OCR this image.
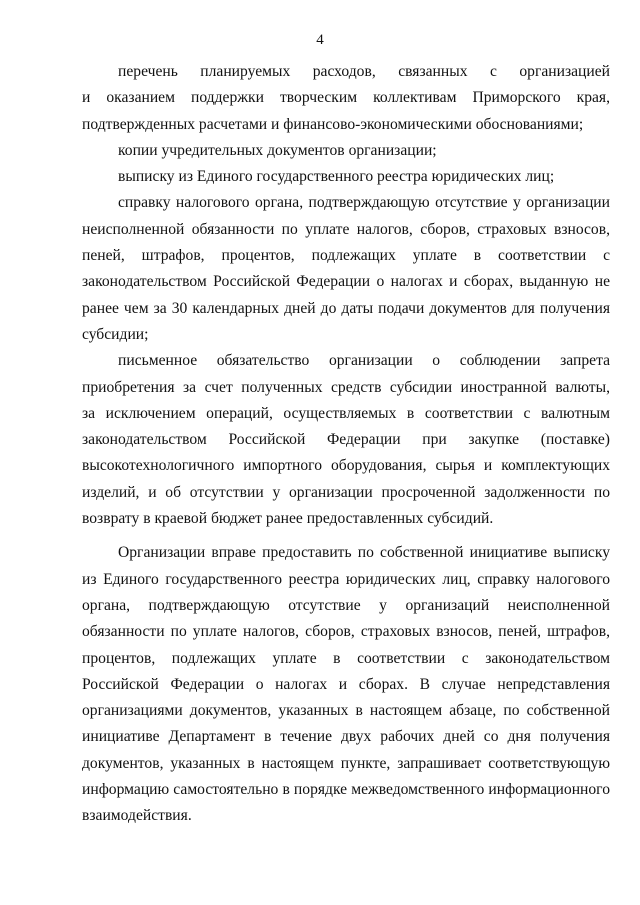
4

перечень планируемых расходов, связанных с организацией
и оказанием поддержки творческим коллективам Приморского края,
подтвержденных расчетами и финансово-экономическими обоснованиями;

копии учредительных документов организации;

выписку из Единого государственного реестра юридических лиц;

справку налогового органа, подтверждающую отсутствие у организации
неисполненной обязанности по уплате налогов, сборов, страховых взносов,
пеней, штрафов, процентов, подлежащих уплате в соответствии с
законодательством Российской Федерации о налогах и сборах, выданную не
ранее чем за 30 календарных дней до даты подачи документов для получения
субсидии;

письменное обязательство организации о соблюдении запрета
приобретения за счет полученных средств субсидии иностранной валюты,
за исключением операций, осуществляемых в соответствии с валютным
законодательством Российской Федерации при закупке (поставке)
высокотехнологичного импортного оборудования, сырья и комплектующих
изделий, и об отсутствии у организации просроченной задолженности по
возврату в краевой бюджет ранее предоставленных субсидий.

Организации вправе предоставить по собственной инициативе выписку
из Единого государственного реестра юридических лиц, справку налогового
органа, подтверждающую отсутствие у организаций неисполненной
обязанности по уплате налогов, сборов, страховых взносов, пеней, штрафов,
процентов, подлежащих уплате в соответствии с законодательством
Российской Федерации о налогах и сборах. В случае непредставления
организациями документов, указанных в настоящем абзаце, по собственной
инициативе Департамент в течение двух рабочих дней со дня получения
документов, указанных в настоящем пункте, запрашивает соответствующую
информацию самостоятельно в порядке межведомственного информационного
взаимодействия.
